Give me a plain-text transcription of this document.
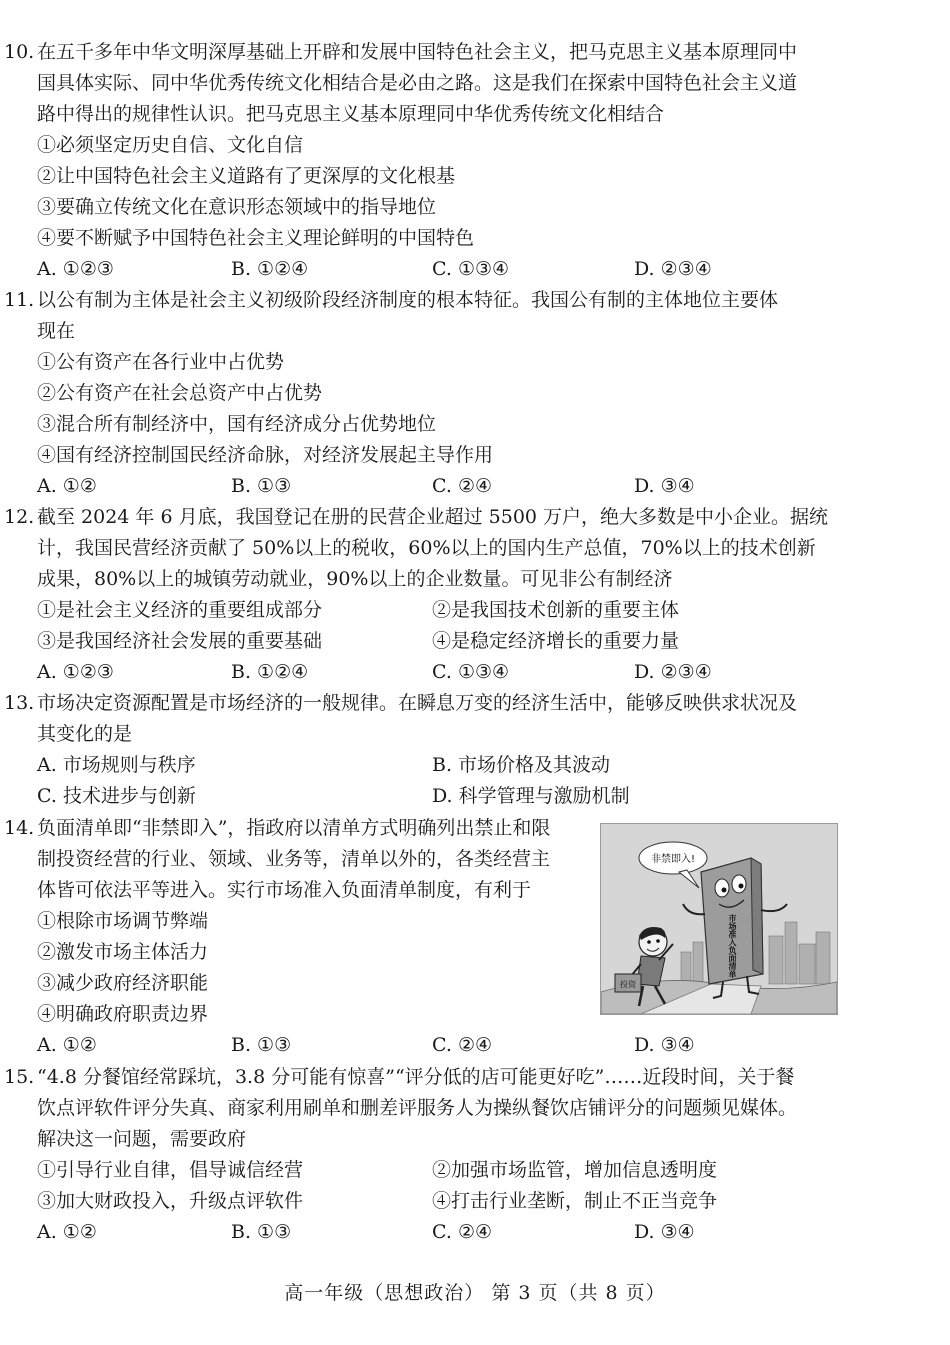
10. 在五千多年中华文明深厚基础上开辟和发展中国特色社会主义，把马克思主义基本原理同中
国具体实际、同中华优秀传统文化相结合是必由之路。这是我们在探索中国特色社会主义道
路中得出的规律性认识。把马克思主义基本原理同中华优秀传统文化相结合
①必须坚定历史自信、文化自信
②让中国特色社会主义道路有了更深厚的文化根基
③要确立传统文化在意识形态领域中的指导地位
④要不断赋予中国特色社会主义理论鲜明的中国特色
A. ①②③	B. ①②④	C. ①③④	D. ②③④
11. 以公有制为主体是社会主义初级阶段经济制度的根本特征。我国公有制的主体地位主要体
现在
①公有资产在各行业中占优势
②公有资产在社会总资产中占优势
③混合所有制经济中，国有经济成分占优势地位
④国有经济控制国民经济命脉，对经济发展起主导作用
A. ①②	B. ①③	C. ②④	D. ③④
12. 截至 2024 年 6 月底，我国登记在册的民营企业超过 5500 万户，绝大多数是中小企业。据统
计，我国民营经济贡献了 50%以上的税收，60%以上的国内生产总值，70%以上的技术创新
成果，80%以上的城镇劳动就业，90%以上的企业数量。可见非公有制经济
①是社会主义经济的重要组成部分	②是我国技术创新的重要主体
③是我国经济社会发展的重要基础	④是稳定经济增长的重要力量
A. ①②③	B. ①②④	C. ①③④	D. ②③④
13. 市场决定资源配置是市场经济的一般规律。在瞬息万变的经济生活中，能够反映供求状况及
其变化的是
A. 市场规则与秩序	B. 市场价格及其波动
C. 技术进步与创新	D. 科学管理与激励机制
14. 负面清单即“非禁即入”，指政府以清单方式明确列出禁止和限
制投资经营的行业、领域、业务等，清单以外的，各类经营主
体皆可依法平等进入。实行市场准入负面清单制度，有利于
①根除市场调节弊端
②激发市场主体活力
③减少政府经济职能
④明确政府职责边界
A. ①②	B. ①③	C. ②④	D. ③④
市场准入负面清单
非禁即入!
投资
15. “4.8 分餐馆经常踩坑，3.8 分可能有惊喜”“评分低的店可能更好吃”……近段时间，关于餐
饮点评软件评分失真、商家利用刷单和删差评服务人为操纵餐饮店铺评分的问题频见媒体。
解决这一问题，需要政府
①引导行业自律，倡导诚信经营	②加强市场监管，增加信息透明度
③加大财政投入，升级点评软件	④打击行业垄断，制止不正当竞争
A. ①②	B. ①③	C. ②④	D. ③④
高一年级（思想政治） 第 3 页（共 8 页）
